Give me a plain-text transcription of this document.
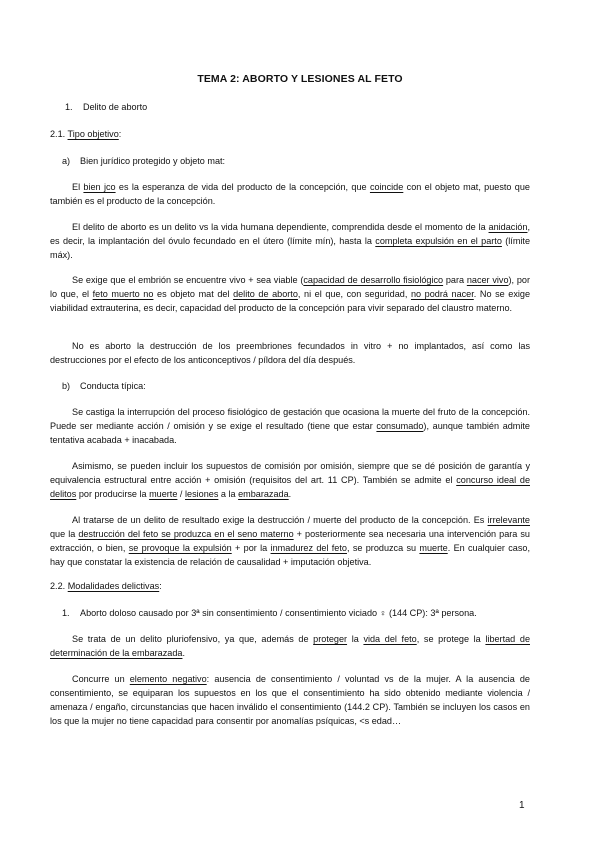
TEMA 2: ABORTO Y LESIONES AL FETO
1. Delito de aborto
2.1. Tipo objetivo:
a) Bien jurídico protegido y objeto mat:
El bien jco es la esperanza de vida del producto de la concepción, que coincide con el objeto mat, puesto que también es el producto de la concepción.
El delito de aborto es un delito vs la vida humana dependiente, comprendida desde el momento de la anidación, es decir, la implantación del óvulo fecundado en el útero (límite mín), hasta la completa expulsión en el parto (límite máx).
Se exige que el embrión se encuentre vivo + sea viable (capacidad de desarrollo fisiológico para nacer vivo), por lo que, el feto muerto no es objeto mat del delito de aborto, ni el que, con seguridad, no podrá nacer. No se exige viabilidad extrauterina, es decir, capacidad del producto de la concepción para vivir separado del claustro materno.
No es aborto la destrucción de los preembriones fecundados in vitro + no implantados, así como las destrucciones por el efecto de los anticonceptivos / píldora del día después.
b) Conducta típica:
Se castiga la interrupción del proceso fisiológico de gestación que ocasiona la muerte del fruto de la concepción. Puede ser mediante acción / omisión y se exige el resultado (tiene que estar consumado), aunque también admite tentativa acabada + inacabada.
Asimismo, se pueden incluir los supuestos de comisión por omisión, siempre que se dé posición de garantía y equivalencia estructural entre acción + omisión (requisitos del art. 11 CP). También se admite el concurso ideal de delitos por producirse la muerte / lesiones a la embarazada.
Al tratarse de un delito de resultado exige la destrucción / muerte del producto de la concepción. Es irrelevante que la destrucción del feto se produzca en el seno materno + posteriormente sea necesaria una intervención para su extracción, o bien, se provoque la expulsión + por la inmadurez del feto, se produzca su muerte. En cualquier caso, hay que constatar la existencia de relación de causalidad + imputación objetiva.
2.2. Modalidades delictivas:
1. Aborto doloso causado por 3ª sin consentimiento / consentimiento viciado ♀ (144 CP): 3ª persona.
Se trata de un delito pluriofensivo, ya que, además de proteger la vida del feto, se protege la libertad de determinación de la embarazada.
Concurre un elemento negativo: ausencia de consentimiento / voluntad vs de la mujer. A la ausencia de consentimiento, se equiparan los supuestos en los que el consentimiento ha sido obtenido mediante violencia / amenaza / engaño, circunstancias que hacen inválido el consentimiento (144.2 CP). También se incluyen los casos en los que la mujer no tiene capacidad para consentir por anomalías psíquicas, <s edad…
1
